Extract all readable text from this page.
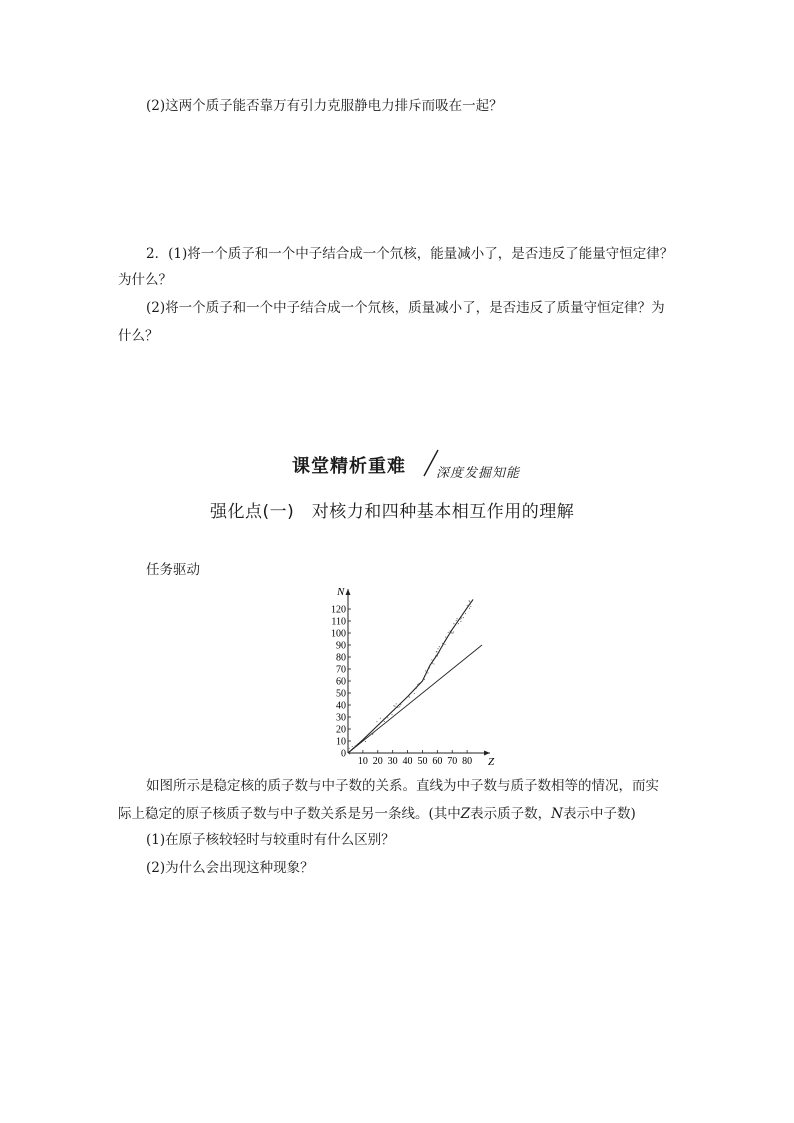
(2)这两个质子能否靠万有引力克服静电力排斥而吸在一起？
2．(1)将一个质子和一个中子结合成一个氘核，能量减小了，是否违反了能量守恒定律？
为什么？
(2)将一个质子和一个中子结合成一个氘核，质量减小了，是否违反了质量守恒定律？为
什么？
课堂精析重难 深度发掘知能
强化点(一)　对核力和四种基本相互作用的理解
任务驱动
Z
N
0
10
20
30
40
50
60
70
80
90
100
110
120
10 20 30 40 50 60 70 80
如图所示是稳定核的质子数与中子数的关系。直线为中子数与质子数相等的情况，而实
际上稳定的原子核质子数与中子数关系是另一条线。(其中Z表示质子数，N表示中子数)
(1)在原子核较轻时与较重时有什么区别？
(2)为什么会出现这种现象？
